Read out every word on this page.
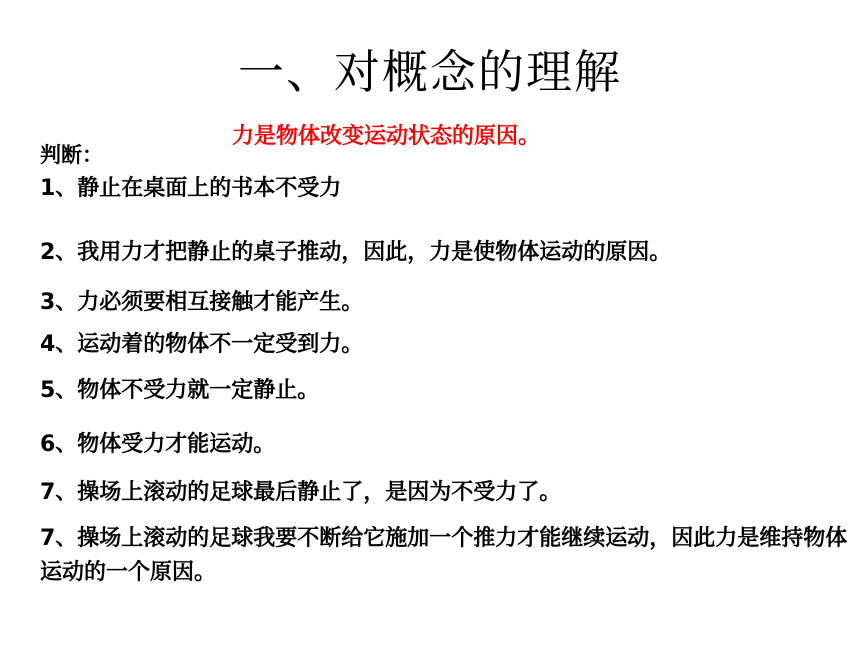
一、对概念的理解
力是物体改变运动状态的原因。
判断：
1、静止在桌面上的书本不受力
2、我用力才把静止的桌子推动，因此，力是使物体运动的原因。
3、力必须要相互接触才能产生。
4、运动着的物体不一定受到力。
5、物体不受力就一定静止。
6、物体受力才能运动。
7、操场上滚动的足球最后静止了，是因为不受力了。
7、操场上滚动的足球我要不断给它施加一个推力才能继续运动，因此力是维持物体运动的一个原因。
